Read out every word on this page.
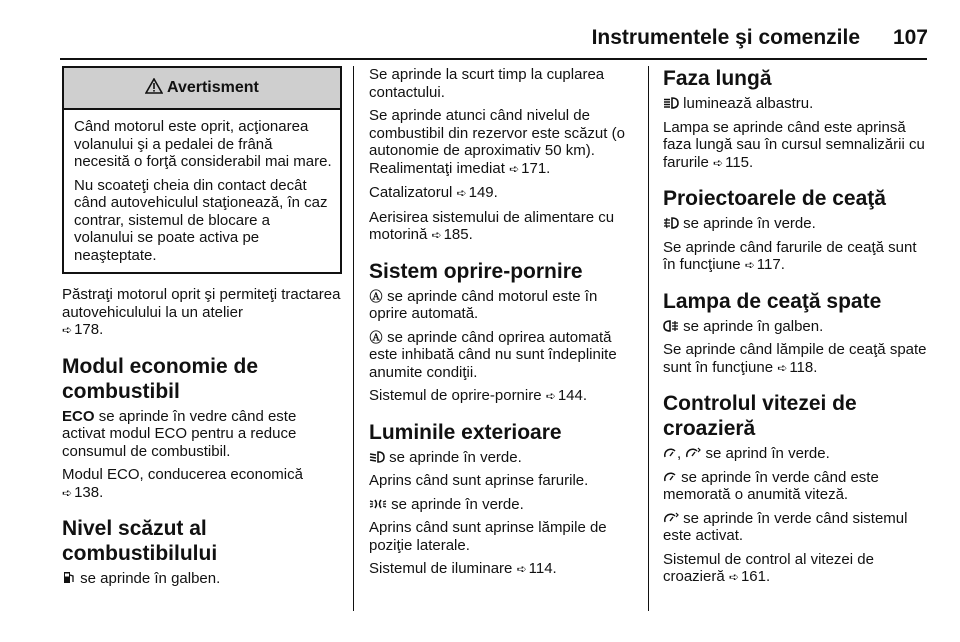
Instrumentele şi comenzile	107
Avertisment

Când motorul este oprit, acţionarea volanului şi a pedalei de frână necesită o forţă considerabil mai mare.

Nu scoateţi cheia din contact decât când autovehiculul staţionează, în caz contrar, sistemul de blocare a volanului se poate activa pe neaşteptate.

Păstraţi motorul oprit şi permiteţi tractarea autovehiculului la un atelier
➪ 178.

Modul economie de combustibil

ECO se aprinde în vedre când este activat modul ECO pentru a reduce consumul de combustibil.

Modul ECO, conducerea economică
➪ 138.

Nivel scăzut al combustibilului

se aprinde în galben.

Se aprinde la scurt timp la cuplarea contactului.

Se aprinde atunci când nivelul de combustibil din rezervor este scăzut (o autonomie de aproximativ 50 km). Realimentaţi imediat ➪ 171.

Catalizatorul ➪ 149.

Aerisirea sistemului de alimentare cu motorină ➪ 185.

Sistem oprire-pornire

Ⓐ se aprinde când motorul este în oprire automată.

Ⓐ se aprinde când oprirea automată este inhibată când nu sunt îndeplinite anumite condiţii.

Sistemul de oprire-pornire ➪ 144.

Luminile exterioare

se aprinde în verde.

Aprins când sunt aprinse farurile.

se aprinde în verde.

Aprins când sunt aprinse lămpile de poziţie laterale.

Sistemul de iluminare ➪ 114.

Faza lungă

luminează albastru.

Lampa se aprinde când este aprinsă faza lungă sau în cursul semnalizării cu farurile ➪ 115.

Proiectoarele de ceaţă

se aprinde în verde.

Se aprinde când farurile de ceaţă sunt în funcţiune ➪ 117.

Lampa de ceaţă spate

se aprinde în galben.

Se aprinde când lămpile de ceaţă spate sunt în funcţiune ➪ 118.

Controlul vitezei de croazieră

,  se aprind în verde.

se aprinde în verde când este memorată o anumită viteză.

se aprinde în verde când sistemul este activat.

Sistemul de control al vitezei de croazieră ➪ 161.
